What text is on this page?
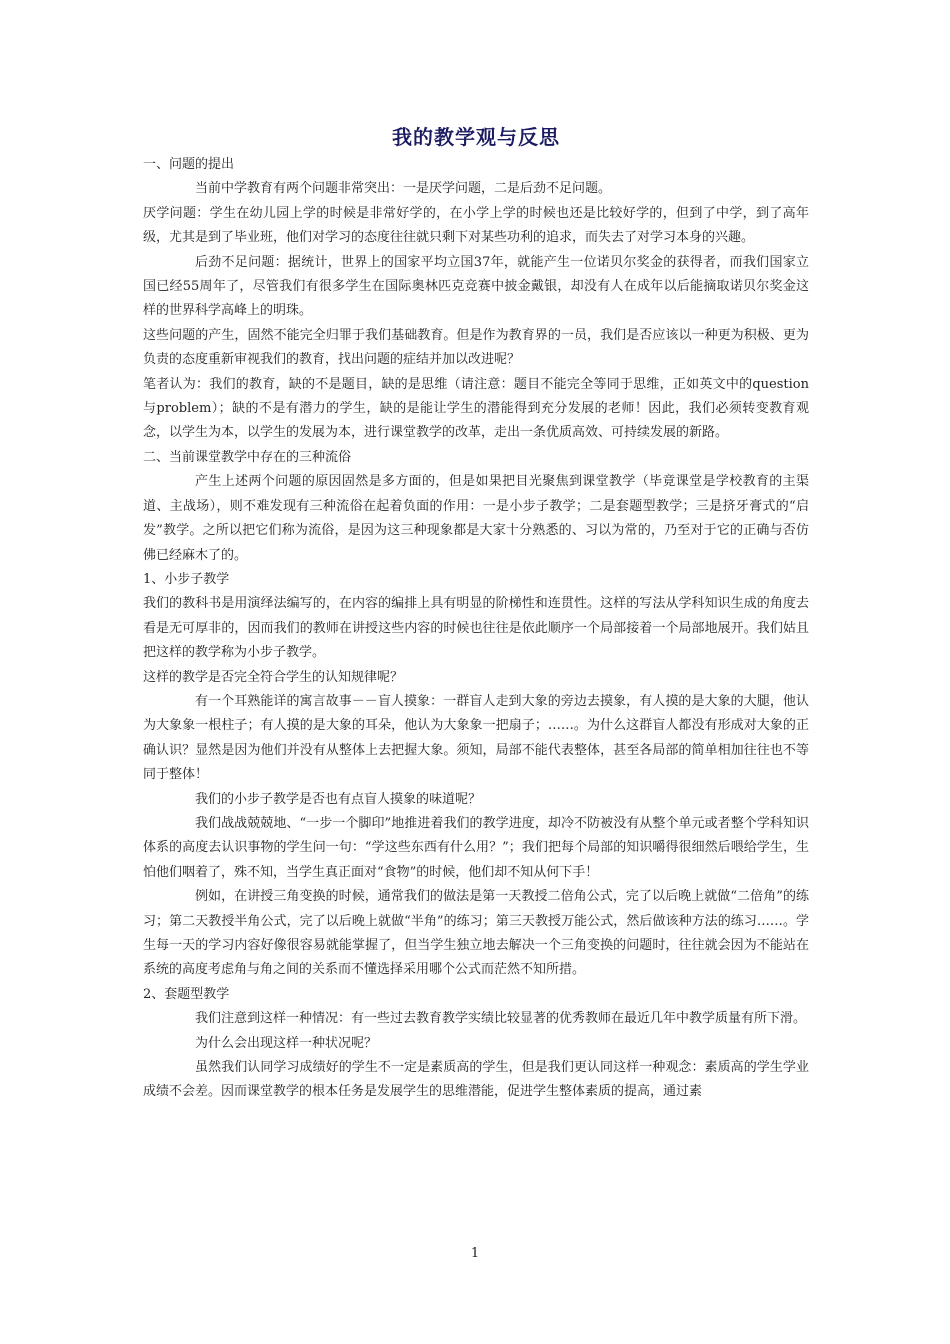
我的教学观与反思

一、问题的提出

当前中学教育有两个问题非常突出：一是厌学问题，二是后劲不足问题。

厌学问题：学生在幼儿园上学的时候是非常好学的，在小学上学的时候也还是比较好学的，但到了中学，到了高年级，尤其是到了毕业班，他们对学习的态度往往就只剩下对某些功利的追求，而失去了对学习本身的兴趣。

后劲不足问题：据统计，世界上的国家平均立国37年，就能产生一位诺贝尔奖金的获得者，而我们国家立国已经55周年了，尽管我们有很多学生在国际奥林匹克竞赛中披金戴银，却没有人在成年以后能摘取诺贝尔奖金这样的世界科学高峰上的明珠。

这些问题的产生，固然不能完全归罪于我们基础教育。但是作为教育界的一员，我们是否应该以一种更为积极、更为负责的态度重新审视我们的教育，找出问题的症结并加以改进呢？

笔者认为：我们的教育，缺的不是题目，缺的是思维（请注意：题目不能完全等同于思维，正如英文中的question与problem）；缺的不是有潜力的学生，缺的是能让学生的潜能得到充分发展的老师！因此，我们必须转变教育观念，以学生为本，以学生的发展为本，进行课堂教学的改革，走出一条优质高效、可持续发展的新路。

二、当前课堂教学中存在的三种流俗

产生上述两个问题的原因固然是多方面的，但是如果把目光聚焦到课堂教学（毕竟课堂是学校教育的主渠道、主战场），则不难发现有三种流俗在起着负面的作用：一是小步子教学；二是套题型教学；三是挤牙膏式的“启发”教学。之所以把它们称为流俗，是因为这三种现象都是大家十分熟悉的、习以为常的，乃至对于它的正确与否仿佛已经麻木了的。

1、小步子教学

我们的教科书是用演绎法编写的，在内容的编排上具有明显的阶梯性和连贯性。这样的写法从学科知识生成的角度去看是无可厚非的，因而我们的教师在讲授这些内容的时候也往往是依此顺序一个局部接着一个局部地展开。我们姑且把这样的教学称为小步子教学。

这样的教学是否完全符合学生的认知规律呢？

有一个耳熟能详的寓言故事－－盲人摸象：一群盲人走到大象的旁边去摸象，有人摸的是大象的大腿，他认为大象象一根柱子；有人摸的是大象的耳朵，他认为大象象一把扇子；……。为什么这群盲人都没有形成对大象的正确认识？显然是因为他们并没有从整体上去把握大象。须知，局部不能代表整体，甚至各局部的简单相加往往也不等同于整体！

我们的小步子教学是否也有点盲人摸象的味道呢？

我们战战兢兢地、“一步一个脚印”地推进着我们的教学进度，却冷不防被没有从整个单元或者整个学科知识体系的高度去认识事物的学生问一句：“学这些东西有什么用？”；我们把每个局部的知识嚼得很细然后喂给学生，生怕他们咽着了，殊不知，当学生真正面对“食物”的时候，他们却不知从何下手！

例如，在讲授三角变换的时候，通常我们的做法是第一天教授二倍角公式，完了以后晚上就做“二倍角”的练习；第二天教授半角公式，完了以后晚上就做“半角”的练习；第三天教授万能公式，然后做该种方法的练习……。学生每一天的学习内容好像很容易就能掌握了，但当学生独立地去解决一个三角变换的问题时，往往就会因为不能站在系统的高度考虑角与角之间的关系而不懂选择采用哪个公式而茫然不知所措。

2、套题型教学

我们注意到这样一种情况：有一些过去教育教学实绩比较显著的优秀教师在最近几年中教学质量有所下滑。

为什么会出现这样一种状况呢？

虽然我们认同学习成绩好的学生不一定是素质高的学生，但是我们更认同这样一种观念：素质高的学生学业成绩不会差。因而课堂教学的根本任务是发展学生的思维潜能，促进学生整体素质的提高，通过素

1
